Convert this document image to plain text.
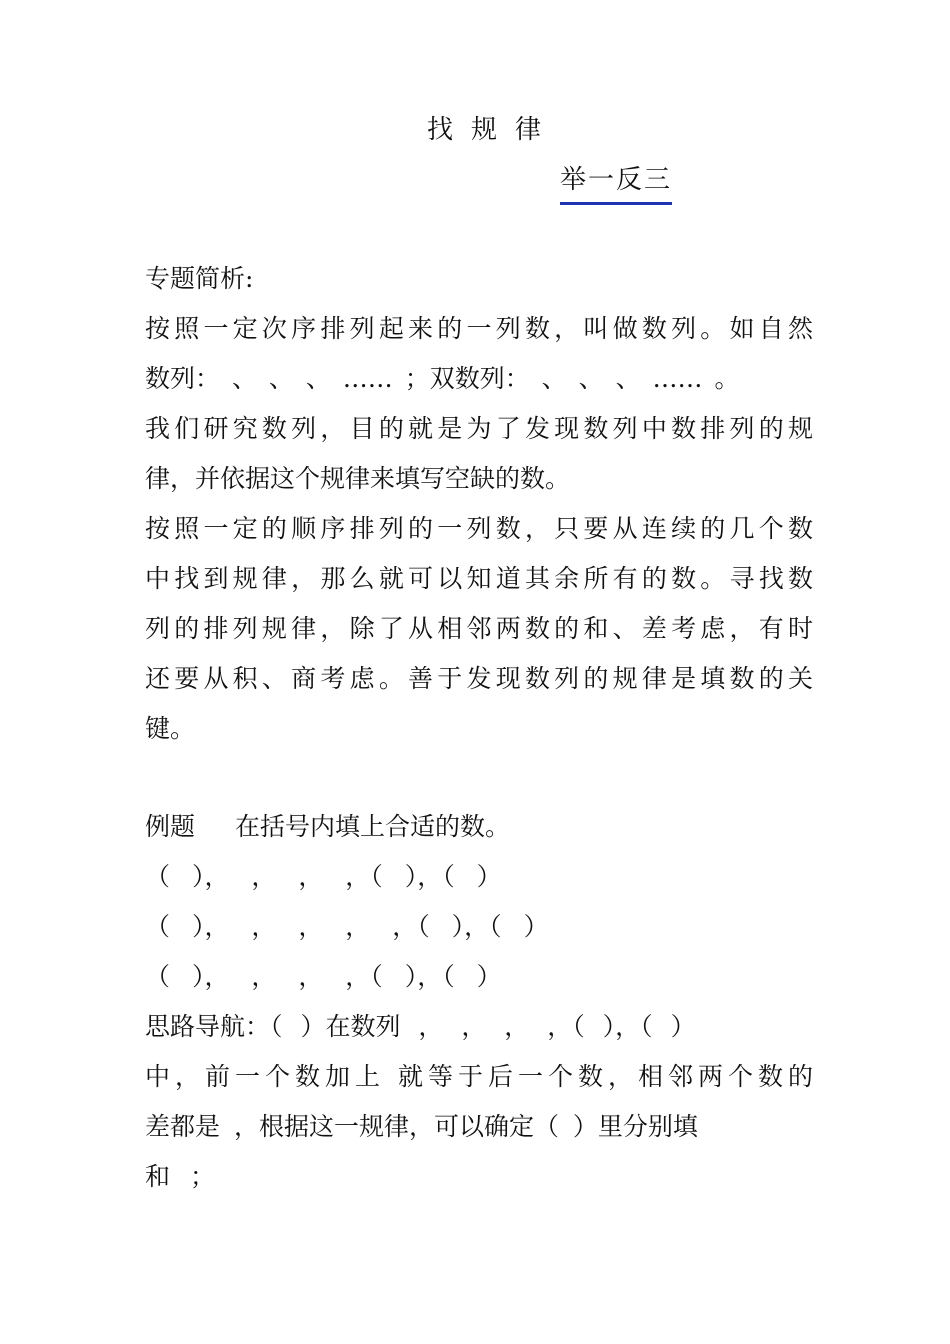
找规律
举一反三
专题简析:
按照一定次序排列起来的一列数，叫做数列。如自然
数列： 、 、 、 …… ；双数列： 、 、 、 …… 。
我们研究数列，目的就是为了发现数列中数排列的规
律，并依据这个规律来填写空缺的数。
按照一定的顺序排列的一列数，只要从连续的几个数
中找到规律，那么就可以知道其余所有的数。寻找数
列的排列规律，除了从相邻两数的和、差考虑，有时
还要从积、商考虑。善于发现数列的规律是填数的关
键。
例题 在括号内填上合适的数。
（ ）， ， ， ，（ ），（ ）
（ ）， ， ， ， ，（ ），（ ）
（ ）， ， ， ，（ ），（ ）
思路导航：（ ）在数列 ， ， ， ，（ ），（ ）
中，前一个数加上 就等于后一个数，相邻两个数的
差都是 ，根据这一规律，可以确定（ ）里分别填
和 ；
